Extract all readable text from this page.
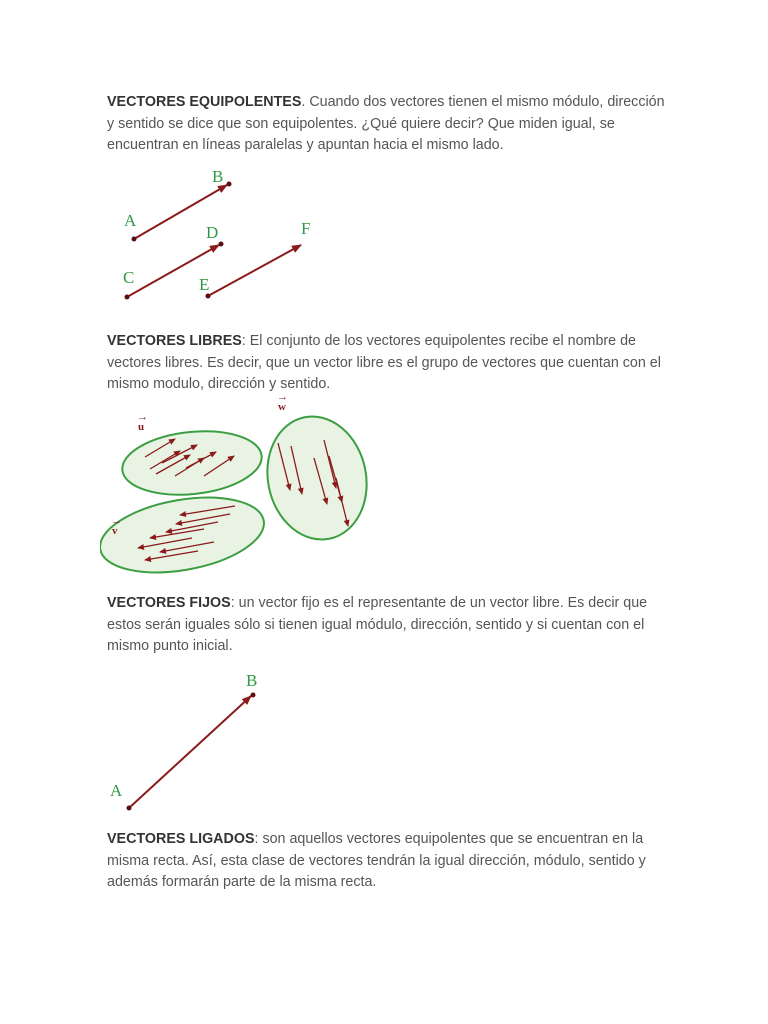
VECTORES EQUIPOLENTES. Cuando dos vectores tienen el mismo módulo, dirección y sentido se dice que son equipolentes. ¿Qué quiere decir? Que miden igual, se encuentran en líneas paralelas y apuntan hacia el mismo lado.

B
A
D	F
C	E

VECTORES LIBRES: El conjunto de los vectores equipolentes recibe el nombre de vectores libres. Es decir, que un vector libre es el grupo de vectores que cuentan con el mismo modulo, dirección y sentido.

u
→
v
→
w
→

VECTORES FIJOS: un vector fijo es el representante de un vector libre. Es decir que estos serán iguales sólo si tienen igual módulo, dirección, sentido y si cuentan con el mismo punto inicial.

B
A

VECTORES LIGADOS: son aquellos vectores equipolentes que se encuentran en la misma recta. Así, esta clase de vectores tendrán la igual dirección, módulo, sentido y además formarán parte de la misma recta.
